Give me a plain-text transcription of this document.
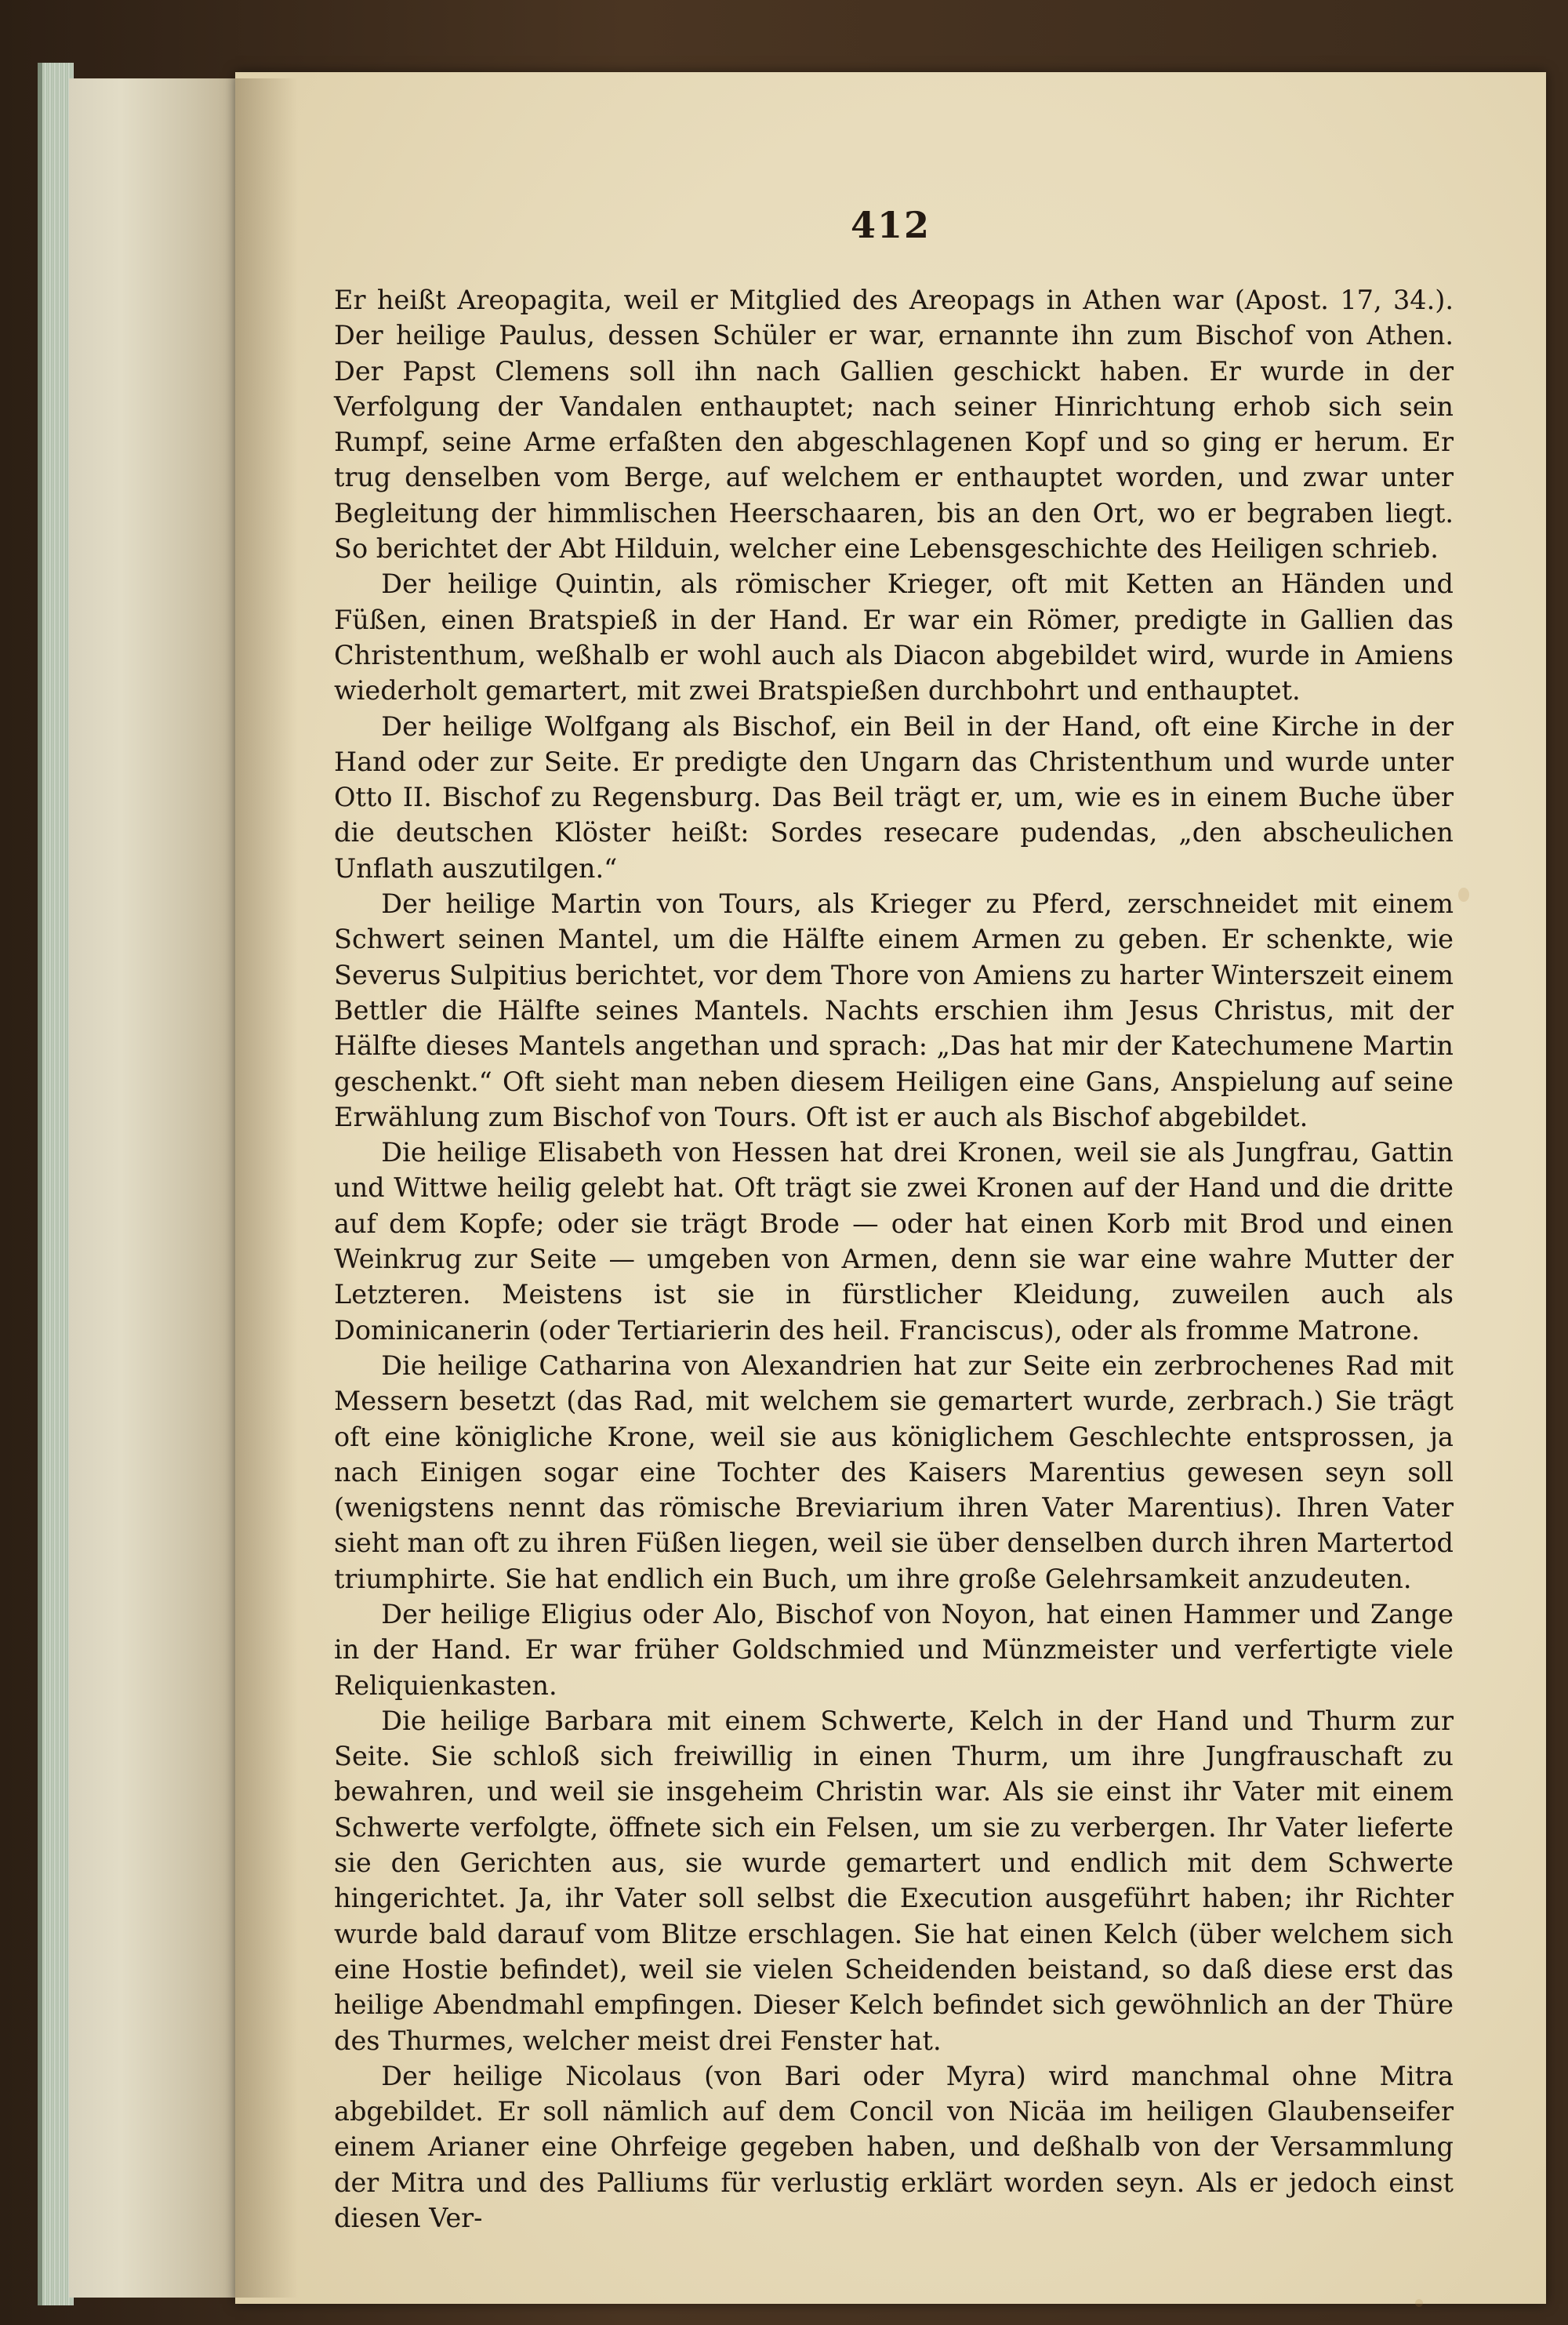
412

Er heißt Areopagita, weil er Mitglied des Areopags in Athen war (Apost. 17, 34.). Der heilige Paulus, dessen Schüler er war, ernannte ihn zum Bischof von Athen. Der Papst Clemens soll ihn nach Gallien geschickt haben. Er wurde in der Verfolgung der Vandalen enthauptet; nach seiner Hinrichtung erhob sich sein Rumpf, seine Arme erfaßten den abgeschlagenen Kopf und so ging er herum. Er trug denselben vom Berge, auf welchem er enthauptet worden, und zwar unter Begleitung der himmlischen Heerschaaren, bis an den Ort, wo er begraben liegt. So berichtet der Abt Hilduin, welcher eine Lebensgeschichte des Heiligen schrieb.

Der heilige Quintin, als römischer Krieger, oft mit Ketten an Händen und Füßen, einen Bratspieß in der Hand. Er war ein Römer, predigte in Gallien das Christenthum, weßhalb er wohl auch als Diacon abgebildet wird, wurde in Amiens wiederholt gemartert, mit zwei Bratspießen durchbohrt und enthauptet.

Der heilige Wolfgang als Bischof, ein Beil in der Hand, oft eine Kirche in der Hand oder zur Seite. Er predigte den Ungarn das Christenthum und wurde unter Otto II. Bischof zu Regensburg. Das Beil trägt er, um, wie es in einem Buche über die deutschen Klöster heißt: Sordes resecare pudendas, „den abscheulichen Unflath auszutilgen.“

Der heilige Martin von Tours, als Krieger zu Pferd, zerschneidet mit einem Schwert seinen Mantel, um die Hälfte einem Armen zu geben. Er schenkte, wie Severus Sulpitius berichtet, vor dem Thore von Amiens zu harter Winterszeit einem Bettler die Hälfte seines Mantels. Nachts erschien ihm Jesus Christus, mit der Hälfte dieses Mantels angethan und sprach: „Das hat mir der Katechumene Martin geschenkt.“ Oft sieht man neben diesem Heiligen eine Gans, Anspielung auf seine Erwählung zum Bischof von Tours. Oft ist er auch als Bischof abgebildet.

Die heilige Elisabeth von Hessen hat drei Kronen, weil sie als Jungfrau, Gattin und Wittwe heilig gelebt hat. Oft trägt sie zwei Kronen auf der Hand und die dritte auf dem Kopfe; oder sie trägt Brode — oder hat einen Korb mit Brod und einen Weinkrug zur Seite — umgeben von Armen, denn sie war eine wahre Mutter der Letzteren. Meistens ist sie in fürstlicher Kleidung, zuweilen auch als Dominicanerin (oder Tertiarierin des heil. Franciscus), oder als fromme Matrone.

Die heilige Catharina von Alexandrien hat zur Seite ein zerbrochenes Rad mit Messern besetzt (das Rad, mit welchem sie gemartert wurde, zerbrach.) Sie trägt oft eine königliche Krone, weil sie aus königlichem Geschlechte entsprossen, ja nach Einigen sogar eine Tochter des Kaisers Marentius gewesen seyn soll (wenigstens nennt das römische Breviarium ihren Vater Marentius). Ihren Vater sieht man oft zu ihren Füßen liegen, weil sie über denselben durch ihren Martertod triumphirte. Sie hat endlich ein Buch, um ihre große Gelehrsamkeit anzudeuten.

Der heilige Eligius oder Alo, Bischof von Noyon, hat einen Hammer und Zange in der Hand. Er war früher Goldschmied und Münzmeister und verfertigte viele Reliquienkasten.

Die heilige Barbara mit einem Schwerte, Kelch in der Hand und Thurm zur Seite. Sie schloß sich freiwillig in einen Thurm, um ihre Jungfrauschaft zu bewahren, und weil sie insgeheim Christin war. Als sie einst ihr Vater mit einem Schwerte verfolgte, öffnete sich ein Felsen, um sie zu verbergen. Ihr Vater lieferte sie den Gerichten aus, sie wurde gemartert und endlich mit dem Schwerte hingerichtet. Ja, ihr Vater soll selbst die Execution ausgeführt haben; ihr Richter wurde bald darauf vom Blitze erschlagen. Sie hat einen Kelch (über welchem sich eine Hostie befindet), weil sie vielen Scheidenden beistand, so daß diese erst das heilige Abendmahl empfingen. Dieser Kelch befindet sich gewöhnlich an der Thüre des Thurmes, welcher meist drei Fenster hat.

Der heilige Nicolaus (von Bari oder Myra) wird manchmal ohne Mitra abgebildet. Er soll nämlich auf dem Concil von Nicäa im heiligen Glaubenseifer einem Arianer eine Ohrfeige gegeben haben, und deßhalb von der Versammlung der Mitra und des Palliums für verlustig erklärt worden seyn. Als er jedoch einst diesen Ver-
